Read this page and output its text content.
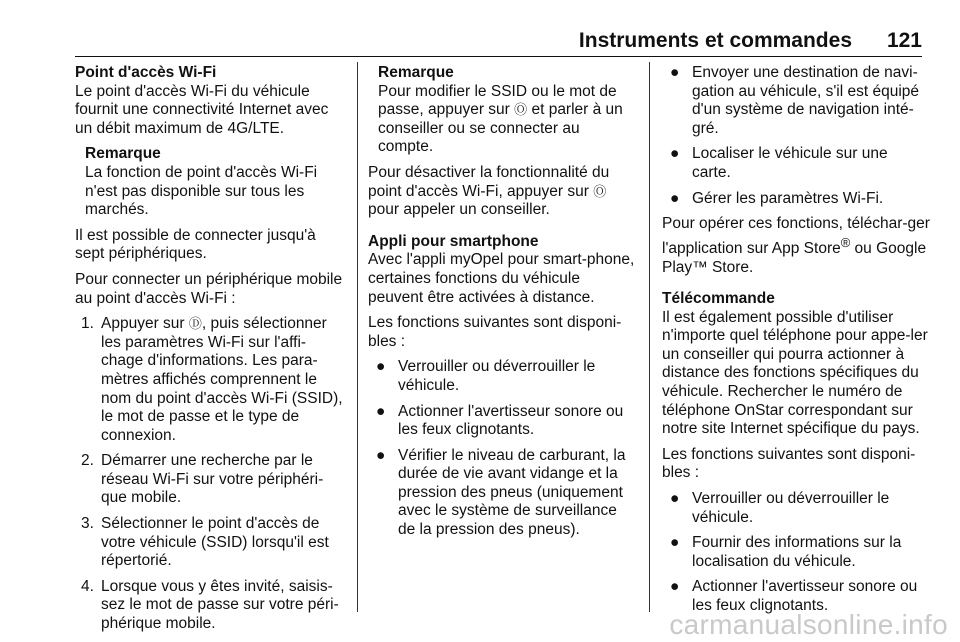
Instruments et commandes 121
Point d'accès Wi-Fi

Le point d'accès Wi-Fi du véhicule fournit une connectivité Internet avec un débit maximum de 4G/LTE.

Remarque
La fonction de point d'accès Wi-Fi n'est pas disponible sur tous les marchés.

Il est possible de connecter jusqu'à sept périphériques.

Pour connecter un périphérique mobile au point d'accès Wi-Fi :

1. Appuyer sur Ⓓ, puis sélectionner les paramètres Wi-Fi sur l'affi-chage d'informations. Les para-mètres affichés comprennent le nom du point d'accès Wi-Fi (SSID), le mot de passe et le type de connexion.
2. Démarrer une recherche par le réseau Wi-Fi sur votre périphéri-que mobile.
3. Sélectionner le point d'accès de votre véhicule (SSID) lorsqu'il est répertorié.
4. Lorsque vous y êtes invité, saisis-sez le mot de passe sur votre péri-phérique mobile.
Remarque
Pour modifier le SSID ou le mot de passe, appuyer sur Ⓞ et parler à un conseiller ou se connecter au compte.

Pour désactiver la fonctionnalité du point d'accès Wi-Fi, appuyer sur Ⓞ pour appeler un conseiller.

Appli pour smartphone

Avec l'appli myOpel pour smart-phone, certaines fonctions du véhicule peuvent être activées à distance.

Les fonctions suivantes sont disponi-bles :

● Verrouiller ou déverrouiller le véhicule.
● Actionner l'avertisseur sonore ou les feux clignotants.
● Vérifier le niveau de carburant, la durée de vie avant vidange et la pression des pneus (uniquement avec le système de surveillance de la pression des pneus).
● Envoyer une destination de navi-gation au véhicule, s'il est équipé d'un système de navigation inté-gré.
● Localiser le véhicule sur une carte.
● Gérer les paramètres Wi-Fi.

Pour opérer ces fonctions, téléchar-ger l'application sur App Store® ou Google Play™ Store.

Télécommande

Il est également possible d'utiliser n'importe quel téléphone pour appe-ler un conseiller qui pourra actionner à distance des fonctions spécifiques du véhicule. Rechercher le numéro de téléphone OnStar correspondant sur notre site Internet spécifique du pays.

Les fonctions suivantes sont disponi-bles :

● Verrouiller ou déverrouiller le véhicule.
● Fournir des informations sur la localisation du véhicule.
● Actionner l'avertisseur sonore ou les feux clignotants.
carmanualsonline.info
